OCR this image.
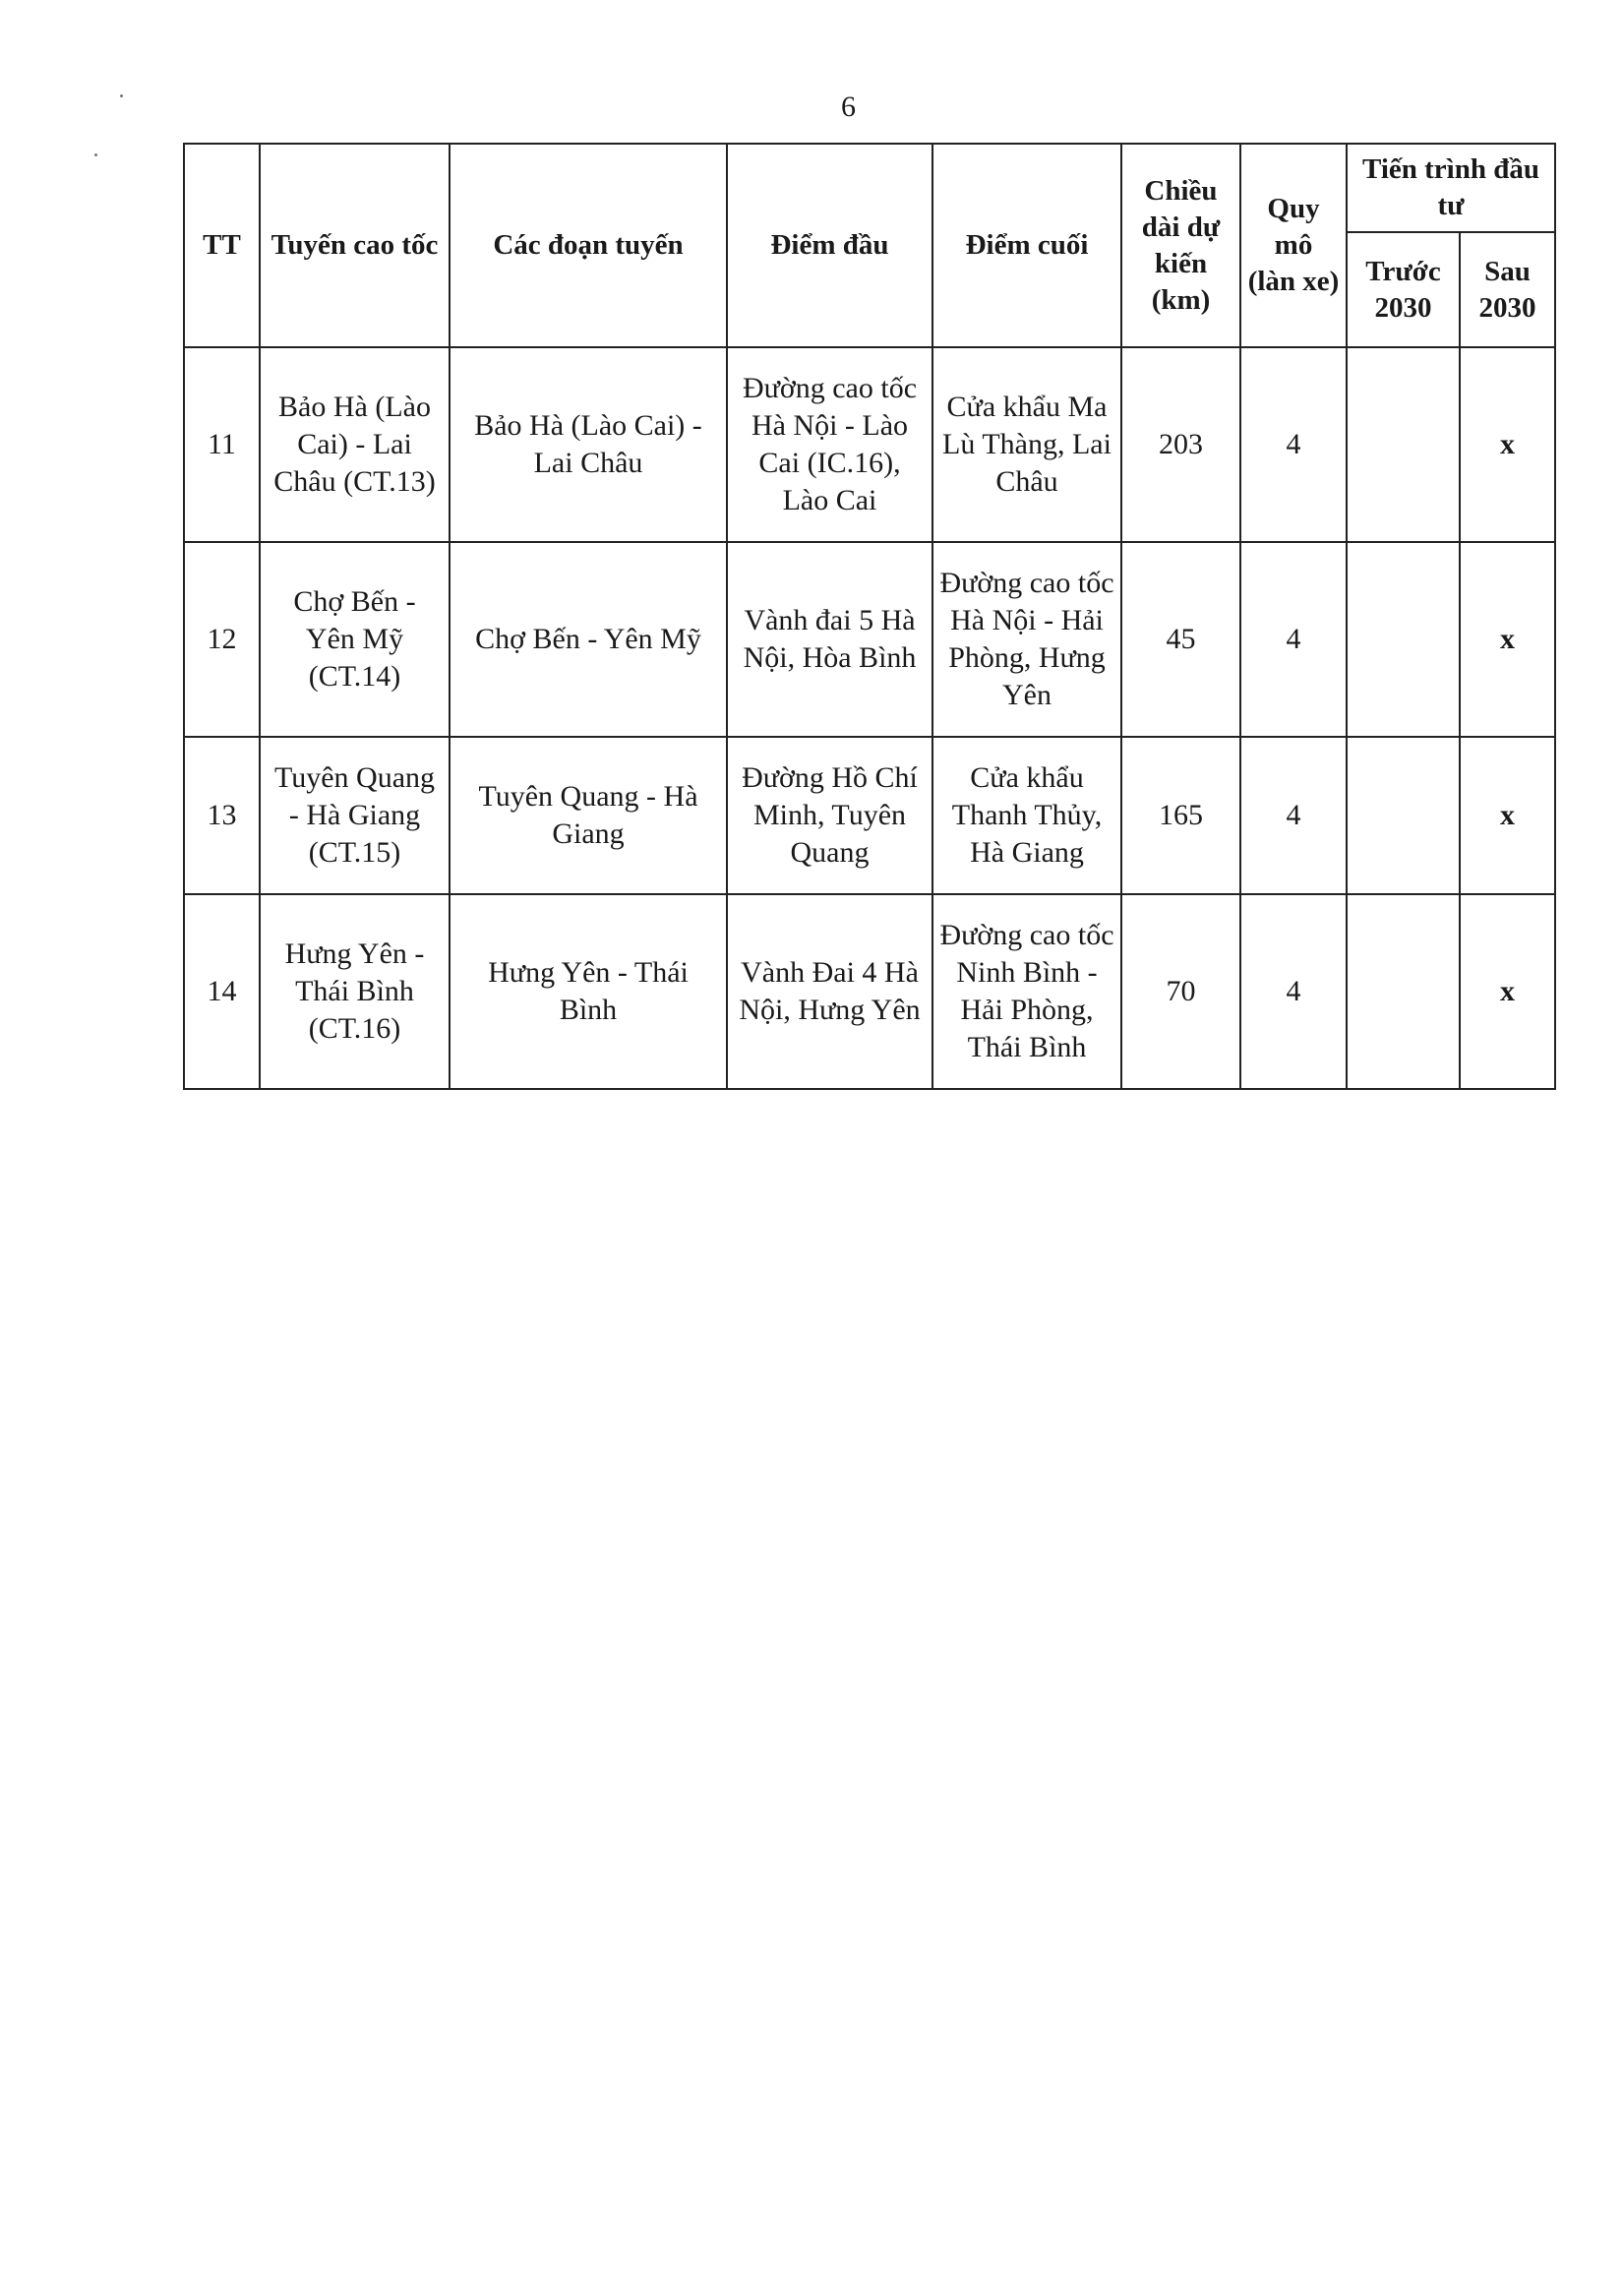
6
TT	Tuyến cao tốc	Các đoạn tuyến	Điểm đầu	Điểm cuối	Chiều dài dự kiến (km)	Quy mô (làn xe)	Tiến trình đầu tư	
							Trước 2030	Sau 2030
11	Bảo Hà (Lào Cai) - Lai Châu (CT.13)	Bảo Hà (Lào Cai) - Lai Châu	Đường cao tốc Hà Nội - Lào Cai (IC.16), Lào Cai	Cửa khẩu Ma Lù Thàng, Lai Châu	203	4		x
12	Chợ Bến - Yên Mỹ (CT.14)	Chợ Bến - Yên Mỹ	Vành đai 5 Hà Nội, Hòa Bình	Đường cao tốc Hà Nội - Hải Phòng, Hưng Yên	45	4		x
13	Tuyên Quang - Hà Giang (CT.15)	Tuyên Quang - Hà Giang	Đường Hồ Chí Minh, Tuyên Quang	Cửa khẩu Thanh Thủy, Hà Giang	165	4		x
14	Hưng Yên - Thái Bình (CT.16)	Hưng Yên - Thái Bình	Vành Đai 4 Hà Nội, Hưng Yên	Đường cao tốc Ninh Bình - Hải Phòng, Thái Bình	70	4		x
